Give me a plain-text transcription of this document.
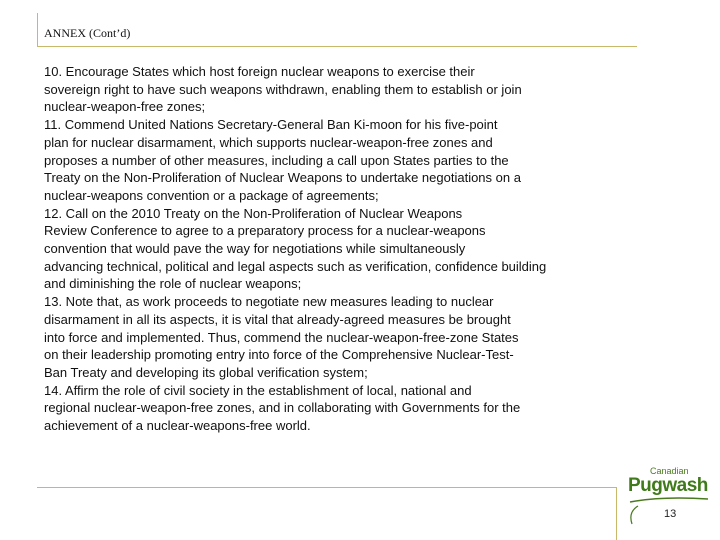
ANNEX (Cont’d)
10. Encourage States which host foreign nuclear weapons to exercise their
sovereign right to have such weapons withdrawn, enabling them to establish or join
nuclear-weapon-free zones;
11. Commend United Nations Secretary-General Ban Ki-moon for his five-point
plan for nuclear disarmament, which supports nuclear-weapon-free zones and
proposes a number of other measures, including a call upon States parties to the
Treaty on the Non-Proliferation of Nuclear Weapons to undertake negotiations on a
nuclear-weapons convention or a package of agreements;
12. Call on the 2010 Treaty on the Non-Proliferation of Nuclear Weapons
Review Conference to agree to a preparatory process for a nuclear-weapons
convention that would pave the way for negotiations while simultaneously
advancing technical, political and legal aspects such as verification, confidence building
and diminishing the role of nuclear weapons;
13. Note that, as work proceeds to negotiate new measures leading to nuclear
disarmament in all its aspects, it is vital that already-agreed measures be brought
into force and implemented. Thus, commend the nuclear-weapon-free-zone States
on their leadership promoting entry into force of the Comprehensive Nuclear-Test-
Ban Treaty and developing its global verification system;
14. Affirm the role of civil society in the establishment of local, national and
regional nuclear-weapon-free zones, and in collaborating with Governments for the
achievement of a nuclear-weapons-free world.
Canadian
Pugwash
13
